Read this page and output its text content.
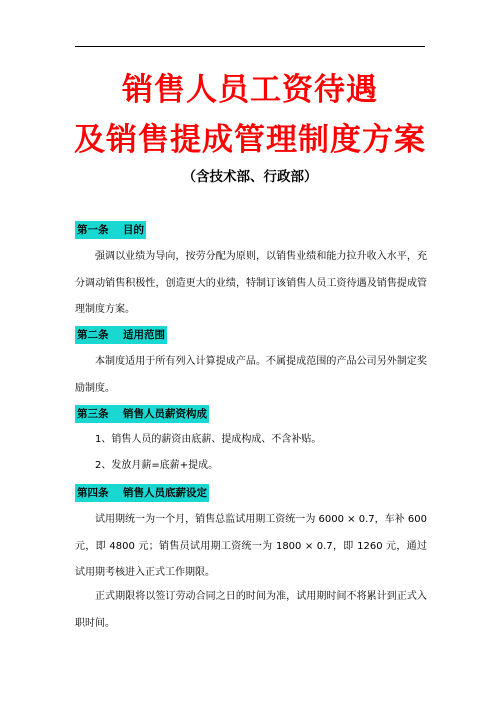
销售人员工资待遇
及销售提成管理制度方案
（含技术部、行政部）
第一条 目的
强调以业绩为导向，按劳分配为原则，以销售业绩和能力拉升收入水平，充分调动销售积极性，创造更大的业绩，特制订该销售人员工资待遇及销售提成管理制度方案。
第二条 适用范围
本制度适用于所有列入计算提成产品。不属提成范围的产品公司另外制定奖励制度。
第三条 销售人员薪资构成
1、销售人员的薪资由底薪、提成构成、不含补贴。
2、发放月薪=底薪+提成。
第四条 销售人员底薪设定
试用期统一为一个月，销售总监试用期工资统一为 6000 × 0.7，车补 600 元，即 4800 元；销售员试用期工资统一为 1800 × 0.7，即 1260 元，通过试用期考核进入正式工作期限。
正式期限将以签订劳动合同之日的时间为准，试用期时间不将累计到正式入职时间。
